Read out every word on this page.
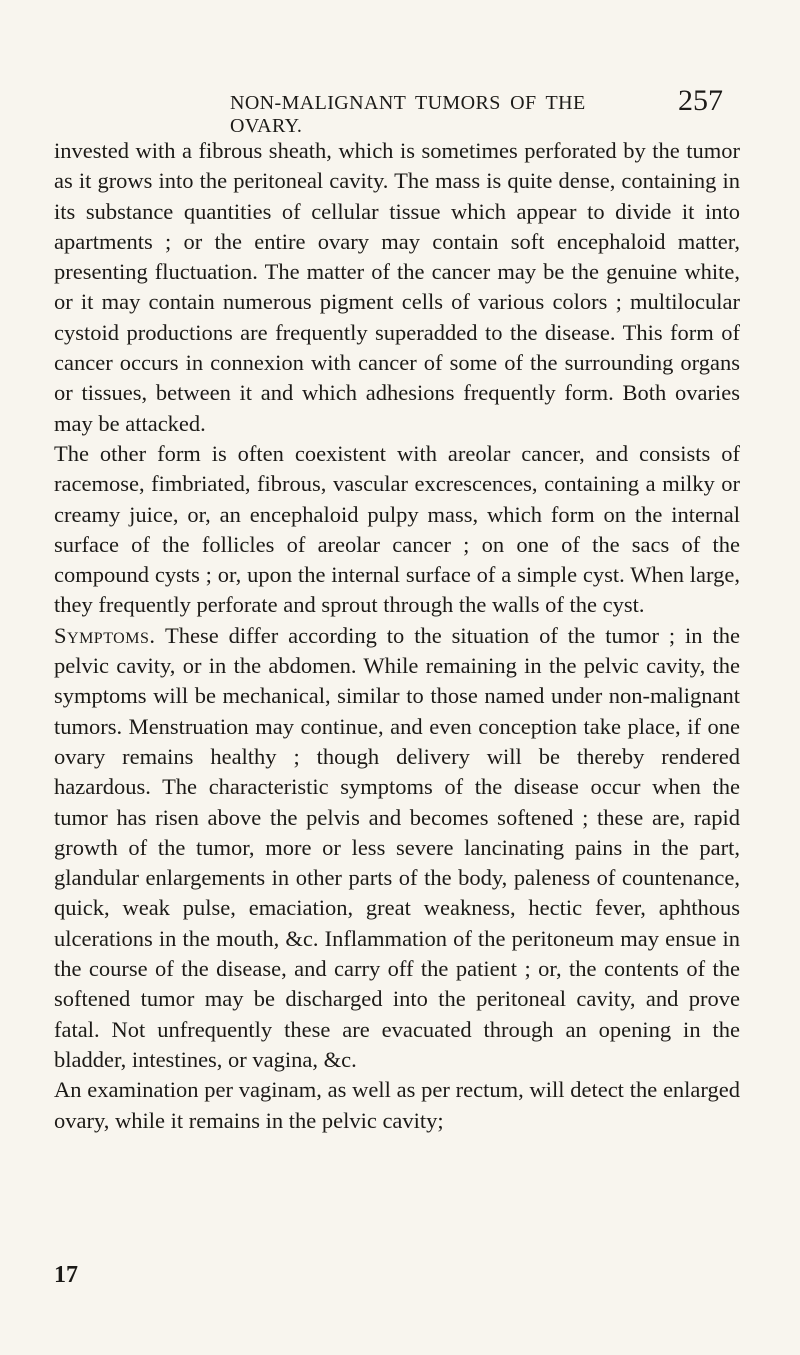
NON-MALIGNANT TUMORS OF THE OVARY.
257

invested with a fibrous sheath, which is sometimes perforated by the tumor as it grows into the peritoneal cavity. The mass is quite dense, containing in its substance quantities of cellular tissue which appear to divide it into apartments ; or the entire ovary may contain soft encephaloid matter, presenting fluctuation. The matter of the cancer may be the genuine white, or it may contain numerous pigment cells of various colors ; multilocular cystoid productions are frequently superadded to the disease. This form of cancer occurs in connexion with cancer of some of the surrounding organs or tissues, between it and which adhesions frequently form. Both ovaries may be attacked.

The other form is often coexistent with areolar cancer, and consists of racemose, fimbriated, fibrous, vascular excrescences, containing a milky or creamy juice, or, an encephaloid pulpy mass, which form on the internal surface of the follicles of areolar cancer ; on one of the sacs of the compound cysts ; or, upon the internal surface of a simple cyst. When large, they frequently perforate and sprout through the walls of the cyst.

Symptoms. These differ according to the situation of the tumor ; in the pelvic cavity, or in the abdomen. While remaining in the pelvic cavity, the symptoms will be mechanical, similar to those named under non-malignant tumors. Menstruation may continue, and even conception take place, if one ovary remains healthy ; though delivery will be thereby rendered hazardous. The characteristic symptoms of the disease occur when the tumor has risen above the pelvis and becomes softened ; these are, rapid growth of the tumor, more or less severe lancinating pains in the part, glandular enlargements in other parts of the body, paleness of countenance, quick, weak pulse, emaciation, great weakness, hectic fever, aphthous ulcerations in the mouth, &c. Inflammation of the peritoneum may ensue in the course of the disease, and carry off the patient ; or, the contents of the softened tumor may be discharged into the peritoneal cavity, and prove fatal. Not unfrequently these are evacuated through an opening in the bladder, intestines, or vagina, &c.

An examination per vaginam, as well as per rectum, will detect the enlarged ovary, while it remains in the pelvic cavity;

17
